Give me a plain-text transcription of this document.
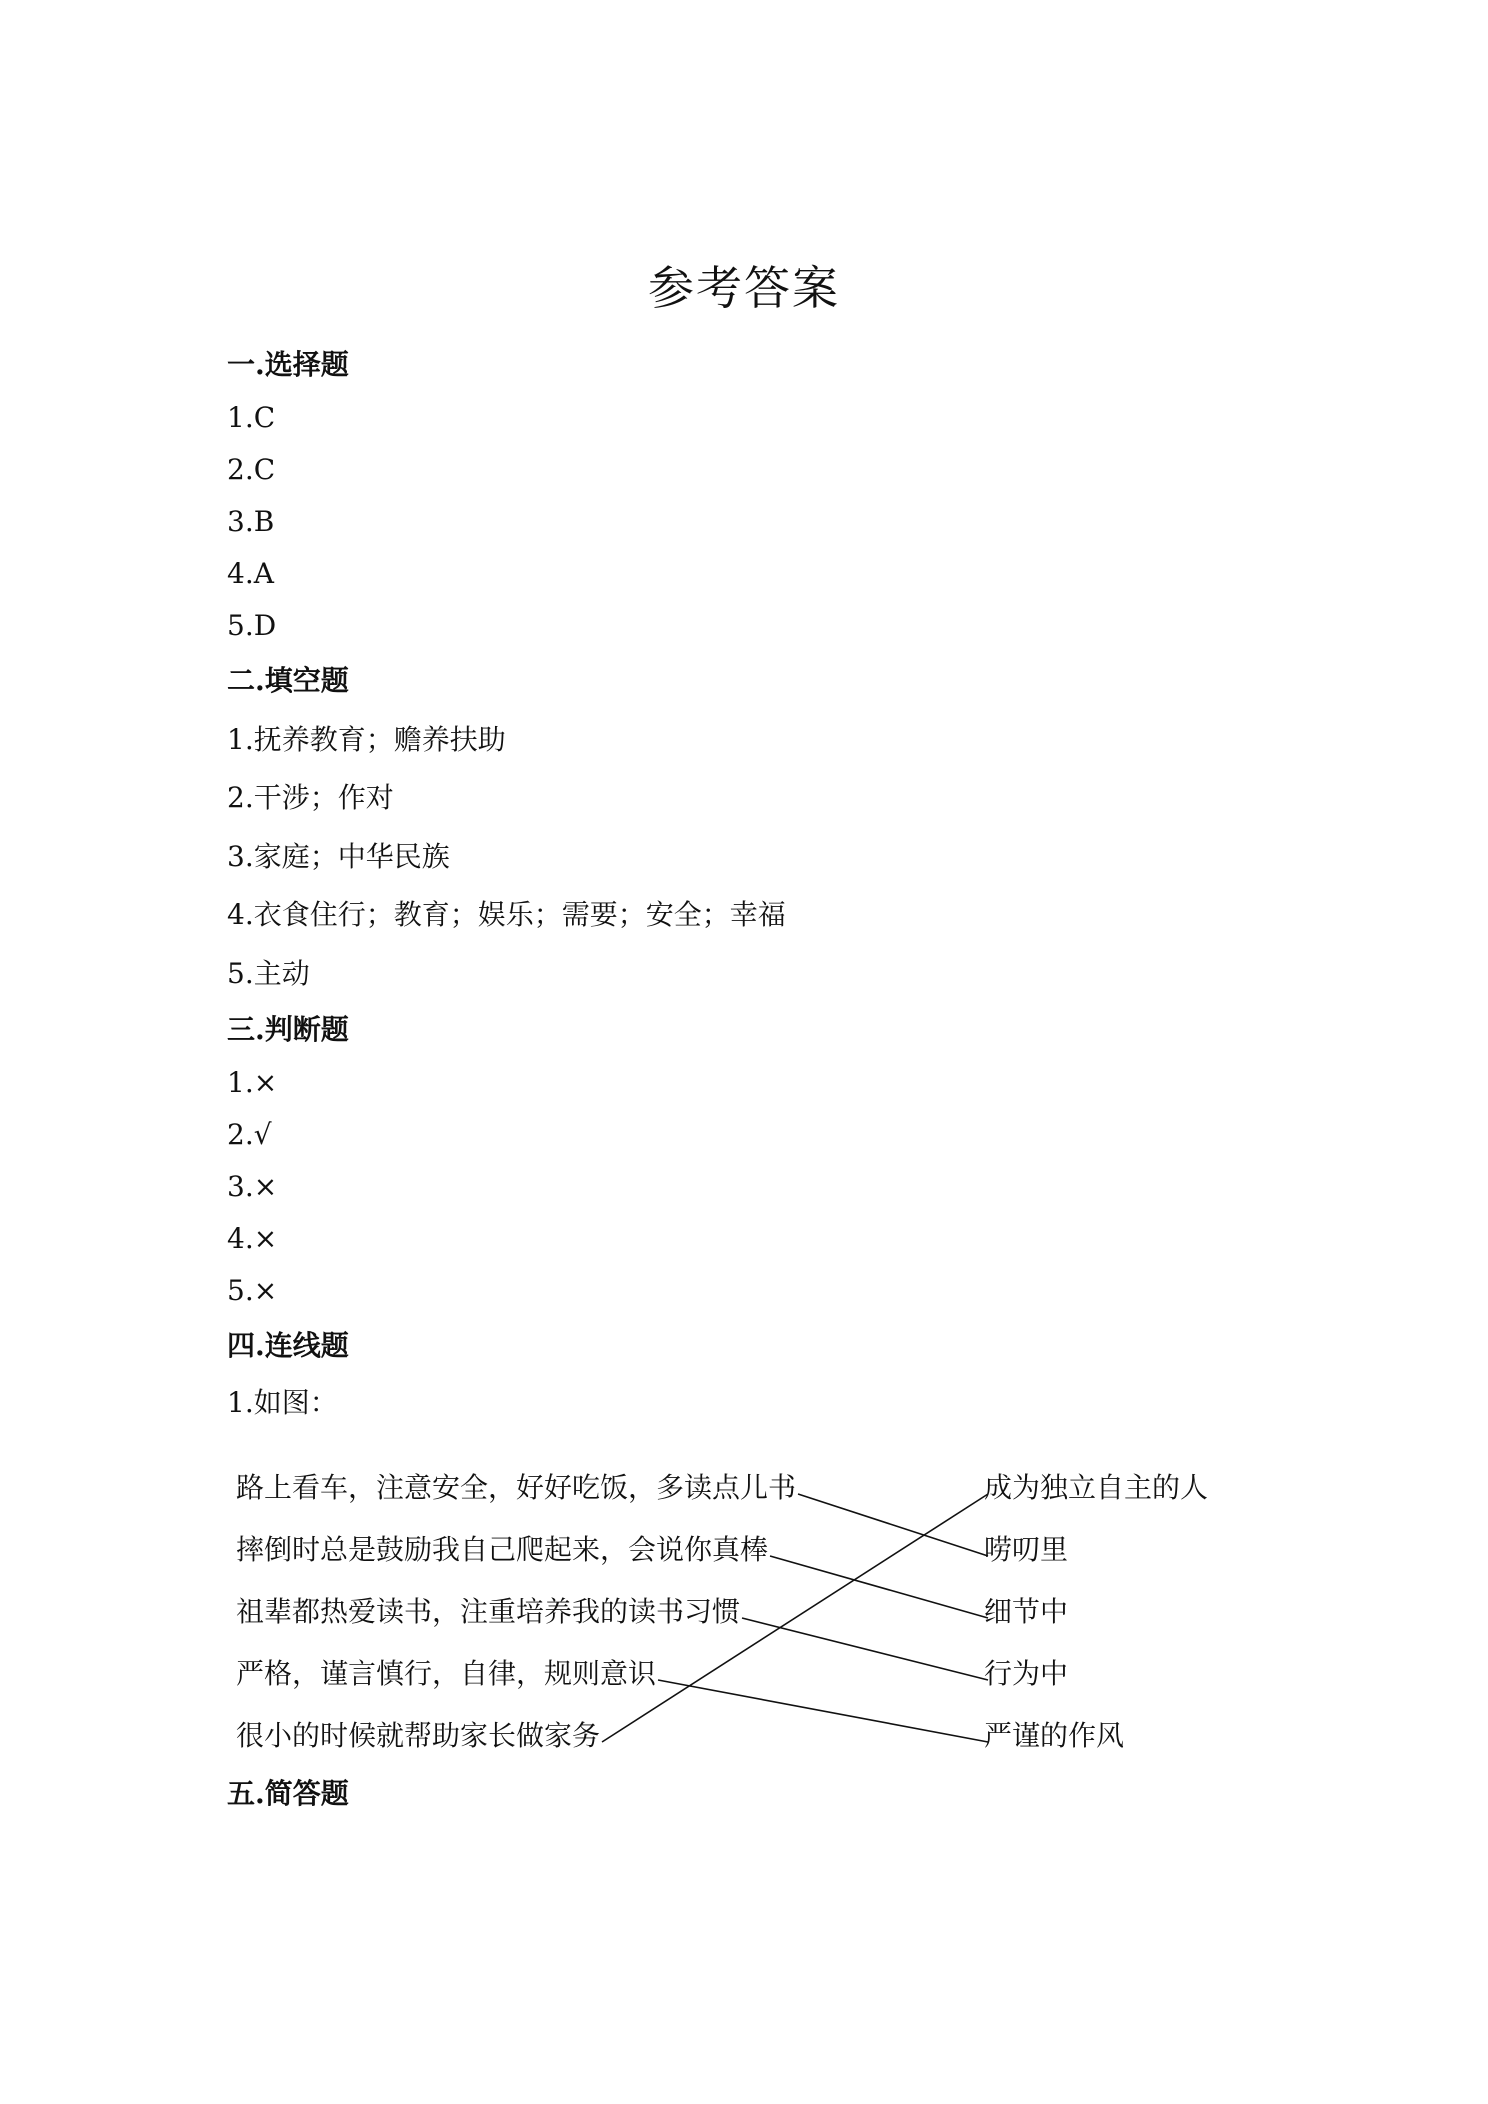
参考答案
一.选择题
1.C
2.C
3.B
4.A
5.D
二.填空题
1.抚养教育；赡养扶助
2.干涉；作对
3.家庭；中华民族
4.衣食住行；教育；娱乐；需要；安全；幸福
5.主动
三.判断题
1.×
2.√
3.×
4.×
5.×
四.连线题
1.如图：
路上看车，注意安全，好好吃饭，多读点儿书
摔倒时总是鼓励我自己爬起来，会说你真棒
祖辈都热爱读书，注重培养我的读书习惯
严格，谨言慎行，自律，规则意识
很小的时候就帮助家长做家务
成为独立自主的人
唠叨里
细节中
行为中
严谨的作风
五.简答题
